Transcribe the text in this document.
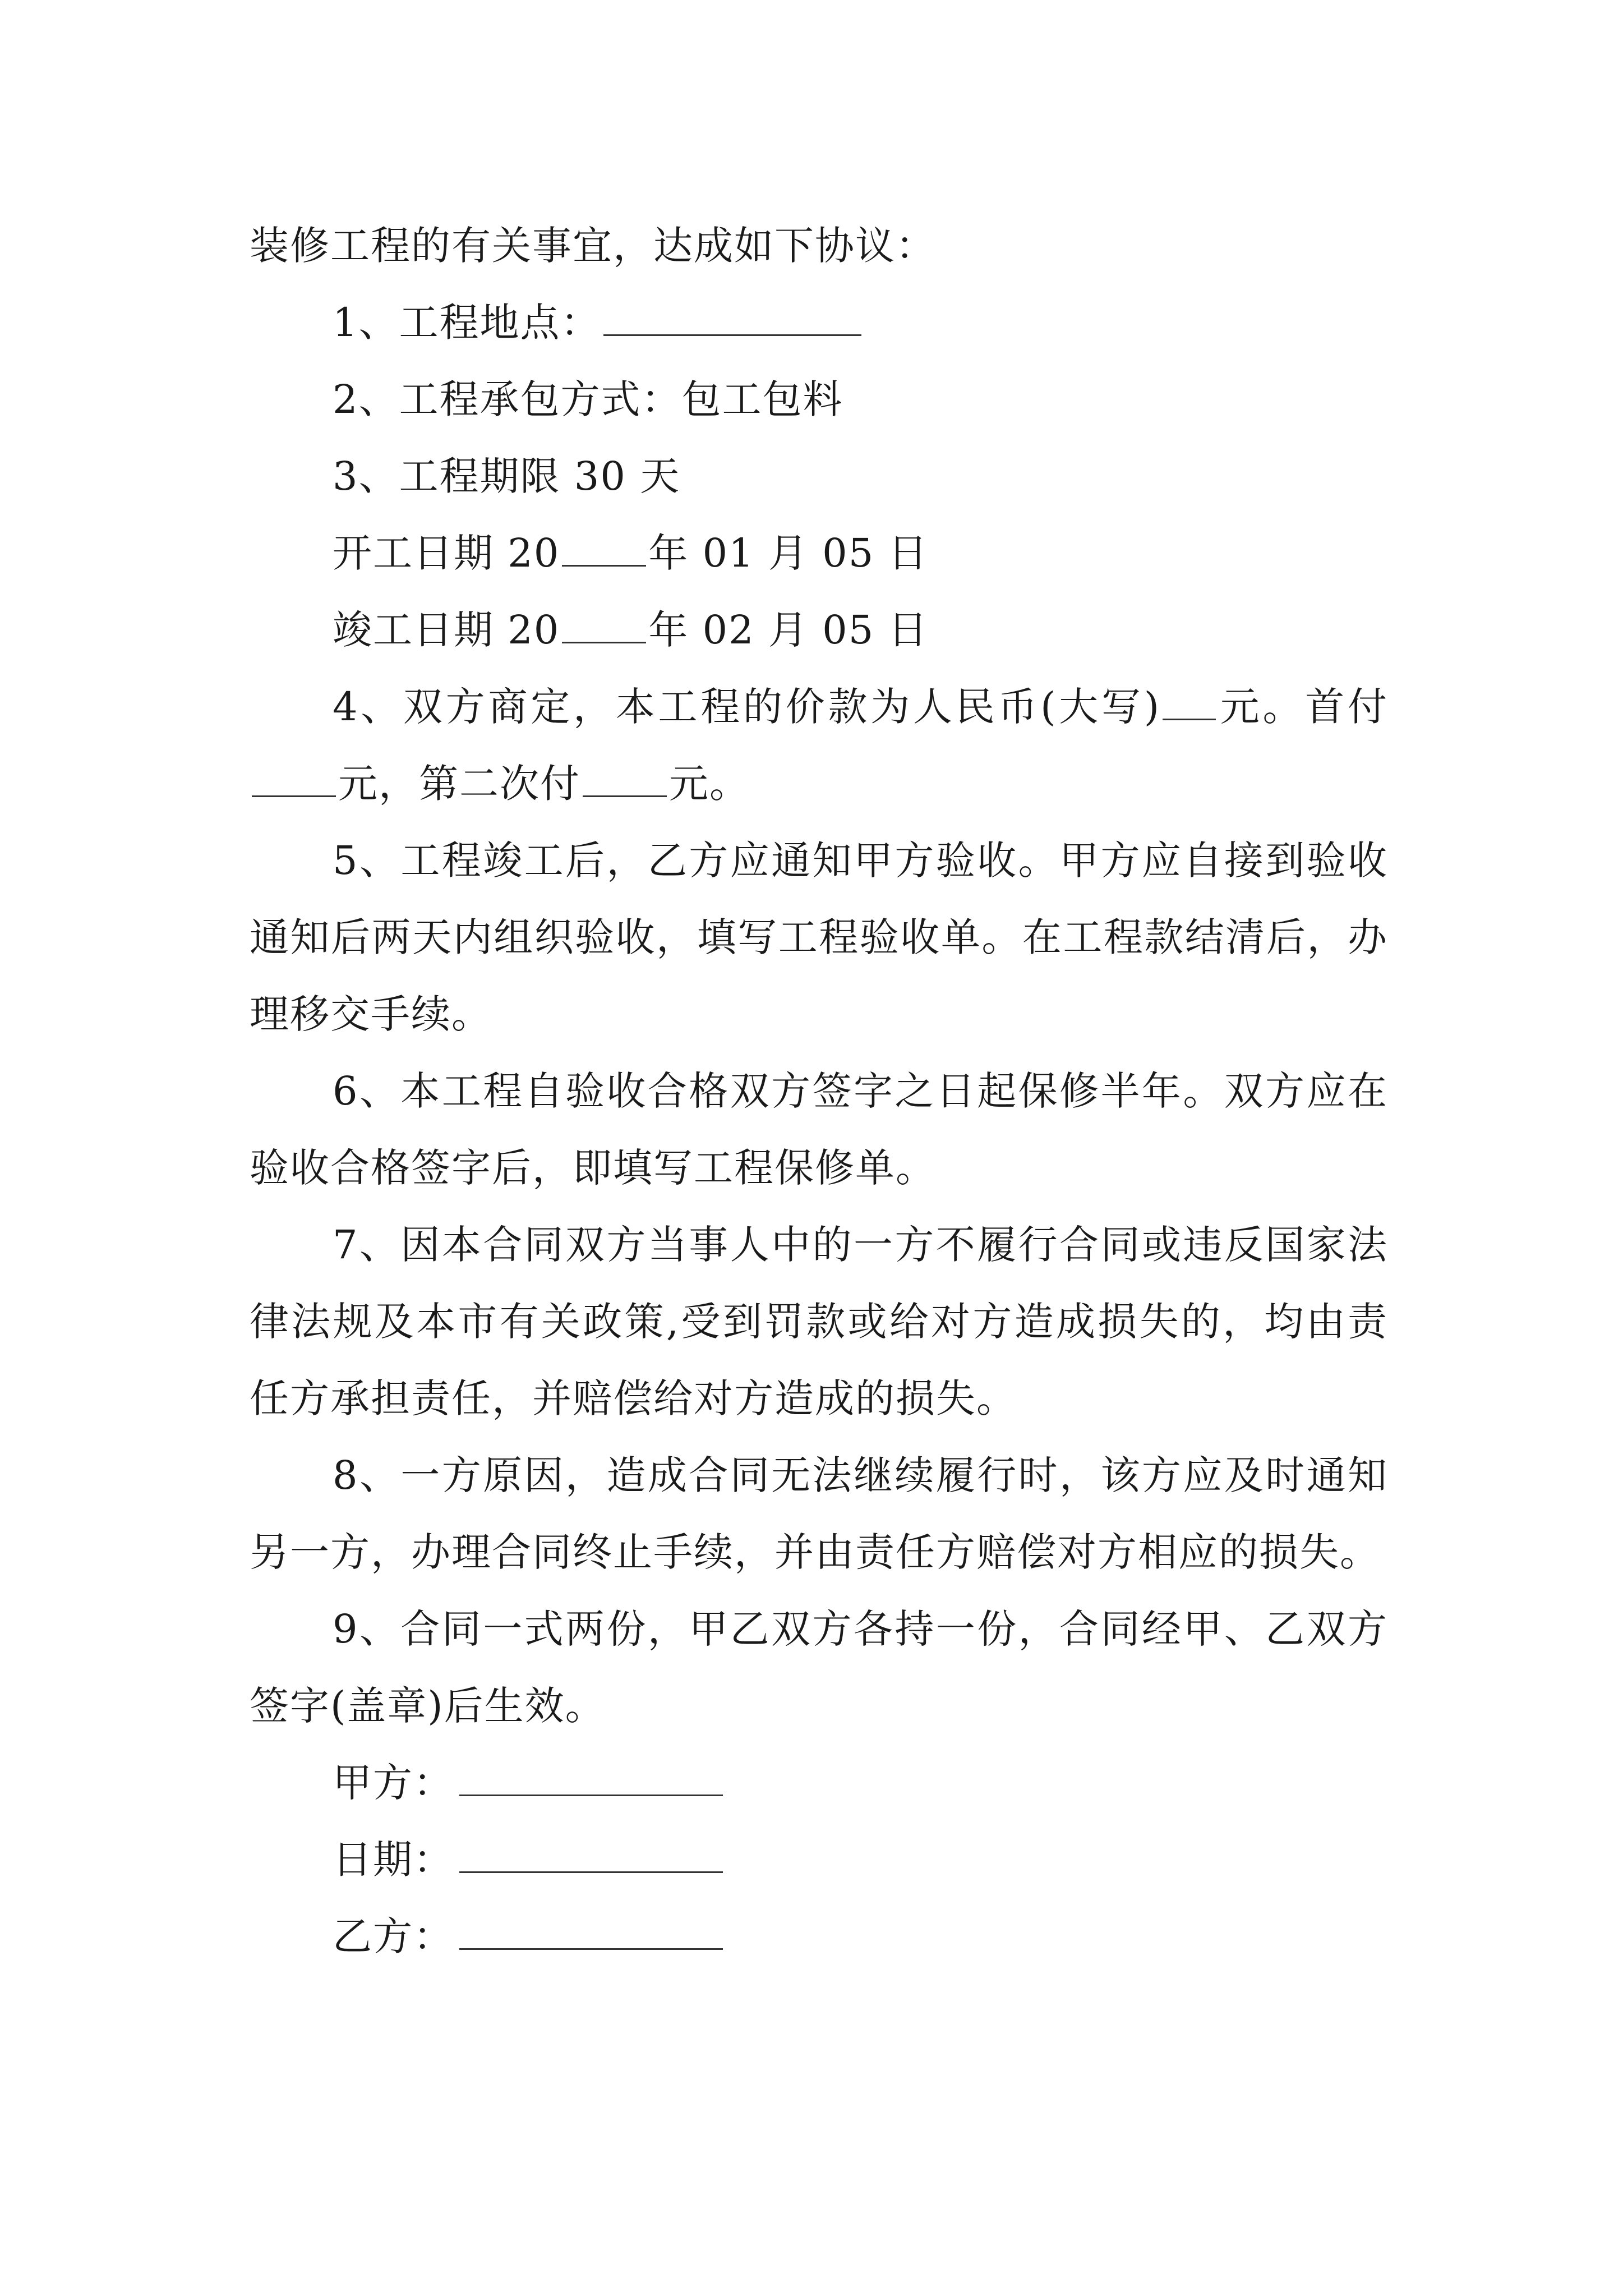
装修工程的有关事宜，达成如下协议：
1、工程地点：
2、工程承包方式：包工包料
3、工程期限 30 天
开工日期 20 年 01 月 05 日
竣工日期 20 年 02 月 05 日
4、双方商定，本工程的价款为人民币(大写) 元。首付元，第二次付 元。
5、工程竣工后，乙方应通知甲方验收。甲方应自接到验收通知后两天内组织验收，填写工程验收单。在工程款结清后，办理移交手续。
6、本工程自验收合格双方签字之日起保修半年。双方应在验收合格签字后，即填写工程保修单。
7、因本合同双方当事人中的一方不履行合同或违反国家法律法规及本市有关政策,受到罚款或给对方造成损失的，均由责任方承担责任，并赔偿给对方造成的损失。
8、一方原因，造成合同无法继续履行时，该方应及时通知另一方，办理合同终止手续，并由责任方赔偿对方相应的损失。
9、合同一式两份，甲乙双方各持一份，合同经甲、乙双方签字(盖章)后生效。
甲方：
日期：
乙方：
